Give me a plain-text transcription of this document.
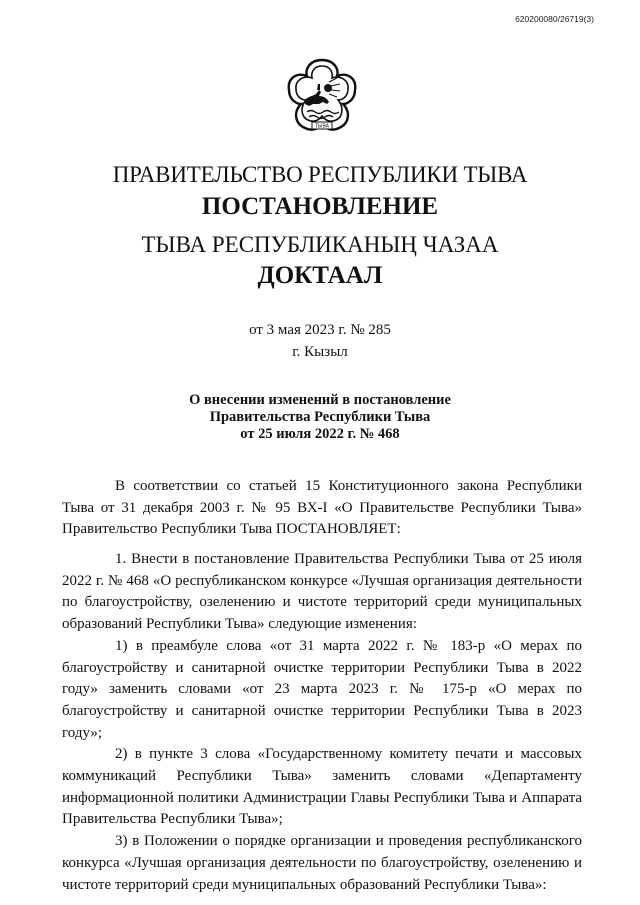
620200080/26719(3)
ТЫВА
ПРАВИТЕЛЬСТВО РЕСПУБЛИКИ ТЫВА
ПОСТАНОВЛЕНИЕ
ТЫВА РЕСПУБЛИКАНЫҢ ЧАЗАА
ДОКТААЛ
от 3 мая 2023 г. № 285
г. Кызыл
О внесении изменений в постановление
Правительства Республики Тыва
от 25 июля 2022 г. № 468

В соответствии со статьей 15 Конституционного закона Республики Тыва от 31 декабря 2003 г. № 95 ВХ-I «О Правительстве Республики Тыва» Правительство Республики Тыва ПОСТАНОВЛЯЕТ:

1. Внести в постановление Правительства Республики Тыва от 25 июля 2022 г. № 468 «О республиканском конкурсе «Лучшая организация деятельности по благоустройству, озеленению и чистоте территорий среди муниципальных образований Республики Тыва» следующие изменения:

1) в преамбуле слова «от 31 марта 2022 г. № 183-р «О мерах по благоустройству и санитарной очистке территории Республики Тыва в 2022 году» заменить словами «от 23 марта 2023 г. № 175-р «О мерах по благоустройству и санитарной очистке территории Республики Тыва в 2023 году»;

2) в пункте 3 слова «Государственному комитету печати и массовых коммуникаций Республики Тыва» заменить словами «Департаменту информационной политики Администрации Главы Республики Тыва и Аппарата Правительства Республики Тыва»;

3) в Положении о порядке организации и проведения республиканского конкурса «Лучшая организация деятельности по благоустройству, озеленению и чистоте территорий среди муниципальных образований Республики Тыва»:
